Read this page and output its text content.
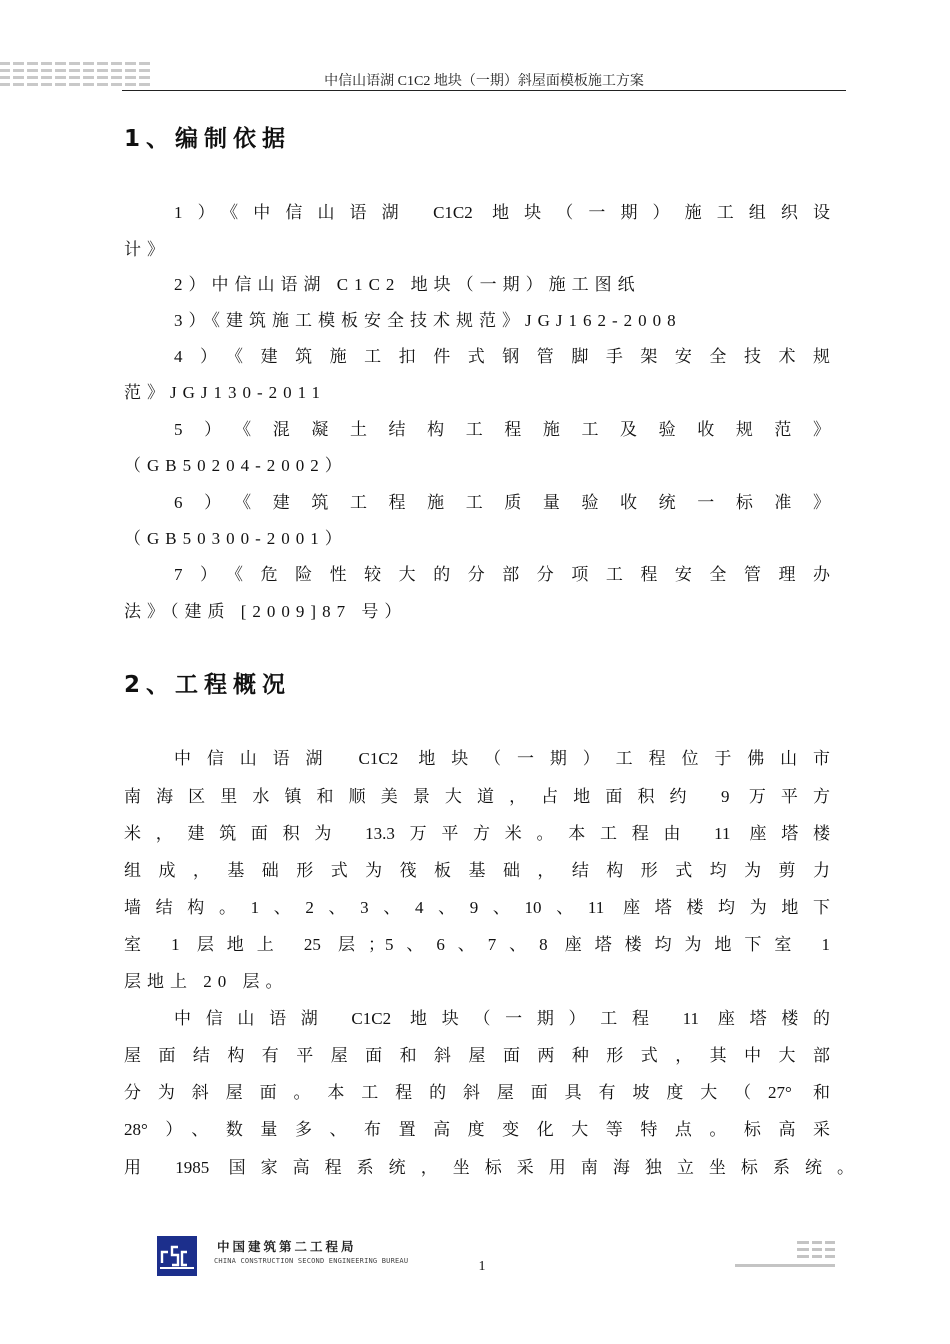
中信山语湖 C1C2 地块（一期）斜屋面模板施工方案
1、编制依据
1）《中信山语湖 C1C2 地块（一期）施工组织设
计》
2）中信山语湖 C1C2 地块（一期）施工图纸
3）《建筑施工模板安全技术规范》JGJ162-2008
4）《建筑施工扣件式钢管脚手架安全技术规
范》JGJ130-2011
5）《混凝土结构工程施工及验收规范》
（GB50204-2002）
6）《建筑工程施工质量验收统一标准》
（GB50300-2001）
7）《危险性较大的分部分项工程安全管理办
法》（建质 [2009]87 号）
2、工程概况
中信山语湖 C1C2 地块（一期）工程位于佛山市
南海区里水镇和顺美景大道，占地面积约 9 万平方
米，建筑面积为 13.3万平方米。本工程由 11 座塔楼
组成，基础形式为筏板基础，结构形式均为剪力
墙结构。1、2、3、4、9、10、11 座塔楼均为地下
室 1 层地上 25 层；5、6、7、8 座塔楼均为地下室 1
层地上 20 层。
中信山语湖 C1C2 地块（一期）工程 11 座塔楼的
屋面结构有平屋面和斜屋面两种形式，其中大部
分为斜屋面。本工程的斜屋面具有坡度大（27° 和
28°）、数量多、布置高度变化大等特点。标高采
用 1985 国家高程系统，坐标采用南海独立坐标系统。
中国建筑第二工程局
CHINA CONSTRUCTION SECOND ENGINEERING BUREAU	1
